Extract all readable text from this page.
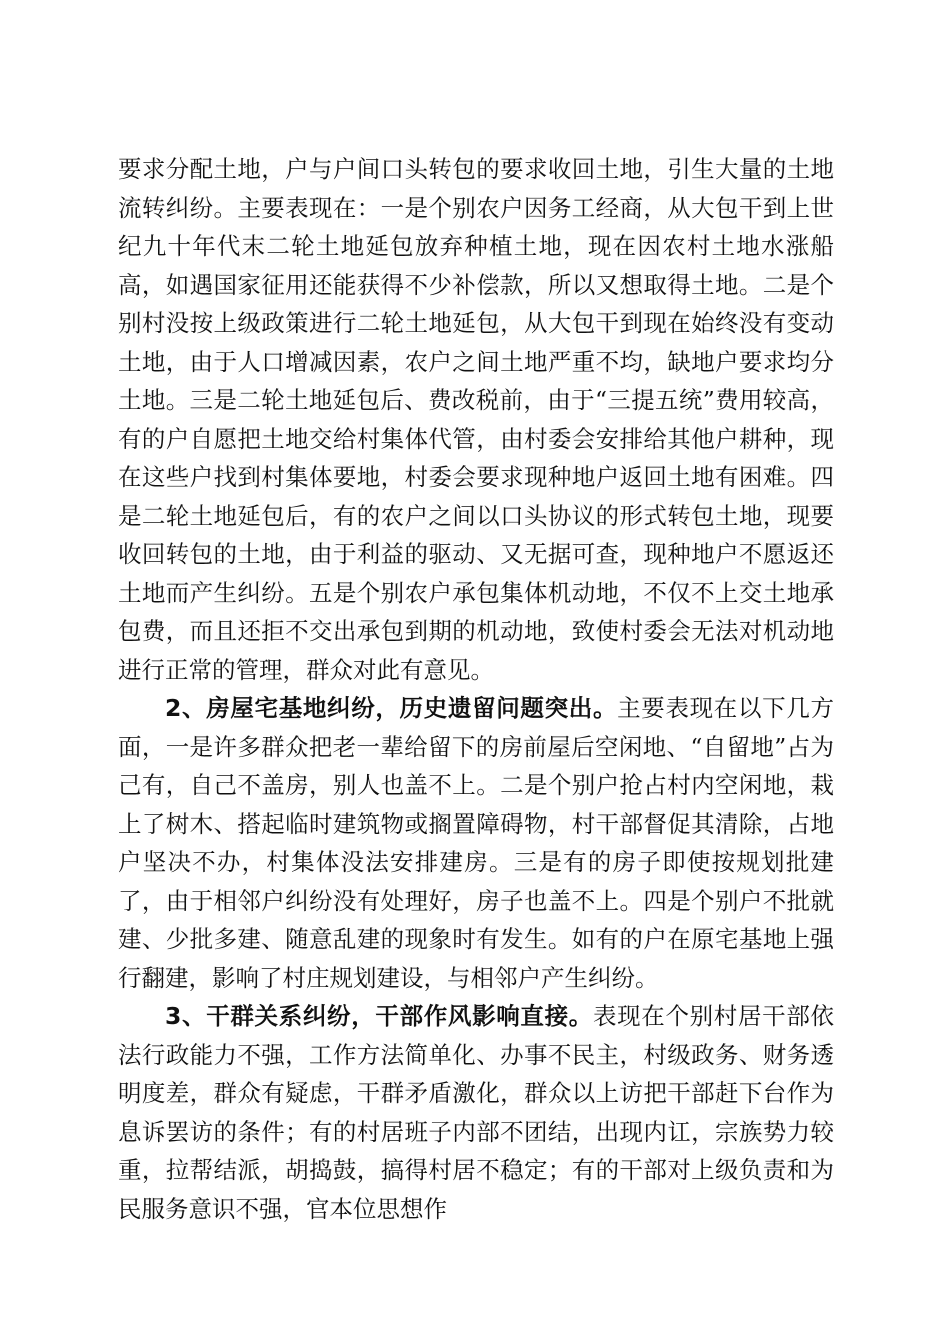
要求分配土地，户与户间口头转包的要求收回土地，引生大量的土地流转纠纷。主要表现在：一是个别农户因务工经商，从大包干到上世纪九十年代末二轮土地延包放弃种植土地，现在因农村土地水涨船高，如遇国家征用还能获得不少补偿款，所以又想取得土地。二是个别村没按上级政策进行二轮土地延包，从大包干到现在始终没有变动土地，由于人口增减因素，农户之间土地严重不均，缺地户要求均分土地。三是二轮土地延包后、费改税前，由于“三提五统”费用较高，有的户自愿把土地交给村集体代管，由村委会安排给其他户耕种，现在这些户找到村集体要地，村委会要求现种地户返回土地有困难。四是二轮土地延包后，有的农户之间以口头协议的形式转包土地，现要收回转包的土地，由于利益的驱动、又无据可查，现种地户不愿返还土地而产生纠纷。五是个别农户承包集体机动地，不仅不上交土地承包费，而且还拒不交出承包到期的机动地，致使村委会无法对机动地进行正常的管理，群众对此有意见。

2、房屋宅基地纠纷，历史遗留问题突出。主要表现在以下几方面，一是许多群众把老一辈给留下的房前屋后空闲地、“自留地”占为己有，自己不盖房，别人也盖不上。二是个别户抢占村内空闲地，栽上了树木、搭起临时建筑物或搁置障碍物，村干部督促其清除，占地户坚决不办，村集体没法安排建房。三是有的房子即使按规划批建了，由于相邻户纠纷没有处理好，房子也盖不上。四是个别户不批就建、少批多建、随意乱建的现象时有发生。如有的户在原宅基地上强行翻建，影响了村庄规划建设，与相邻户产生纠纷。

3、干群关系纠纷，干部作风影响直接。表现在个别村居干部依法行政能力不强，工作方法简单化、办事不民主，村级政务、财务透明度差，群众有疑虑，干群矛盾激化，群众以上访把干部赶下台作为息诉罢访的条件；有的村居班子内部不团结，出现内讧，宗族势力较重，拉帮结派，胡捣鼓，搞得村居不稳定；有的干部对上级负责和为民服务意识不强，官本位思想作
